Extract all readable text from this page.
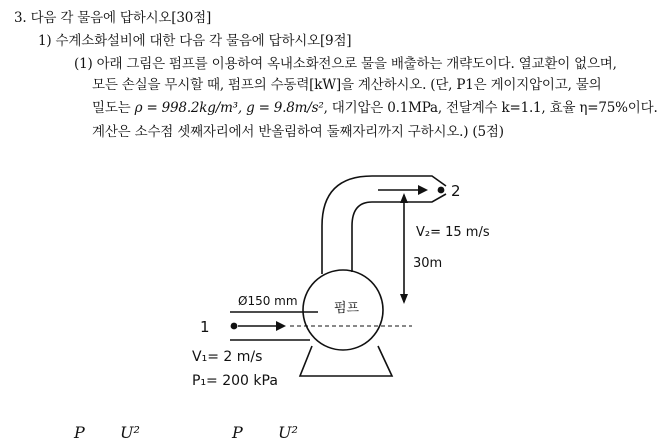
3. 다음 각 물음에 답하시오[30점]
1) 수계소화설비에 대한 다음 각 물음에 답하시오[9점]
(1) 아래 그림은 펌프를 이용하여 옥내소화전으로 물을 배출하는 개략도이다. 열교환이 없으며,
모든 손실을 무시할 때, 펌프의 수동력[kW]을 계산하시오. (단, P1은 게이지압이고, 물의
밀도는 ρ = 998.2kg/m³, g = 9.8m/s², 대기압은 0.1MPa, 전달계수 k=1.1, 효율 η=75%이다.
계산은 소수점 셋째자리에서 반올림하여 둘째자리까지 구하시오.) (5점)
2
1
V₂= 15 m/s
30m
Ø150 mm	펌프
V₁= 2 m/s
P₁= 200 kPa
P U²	P U²
